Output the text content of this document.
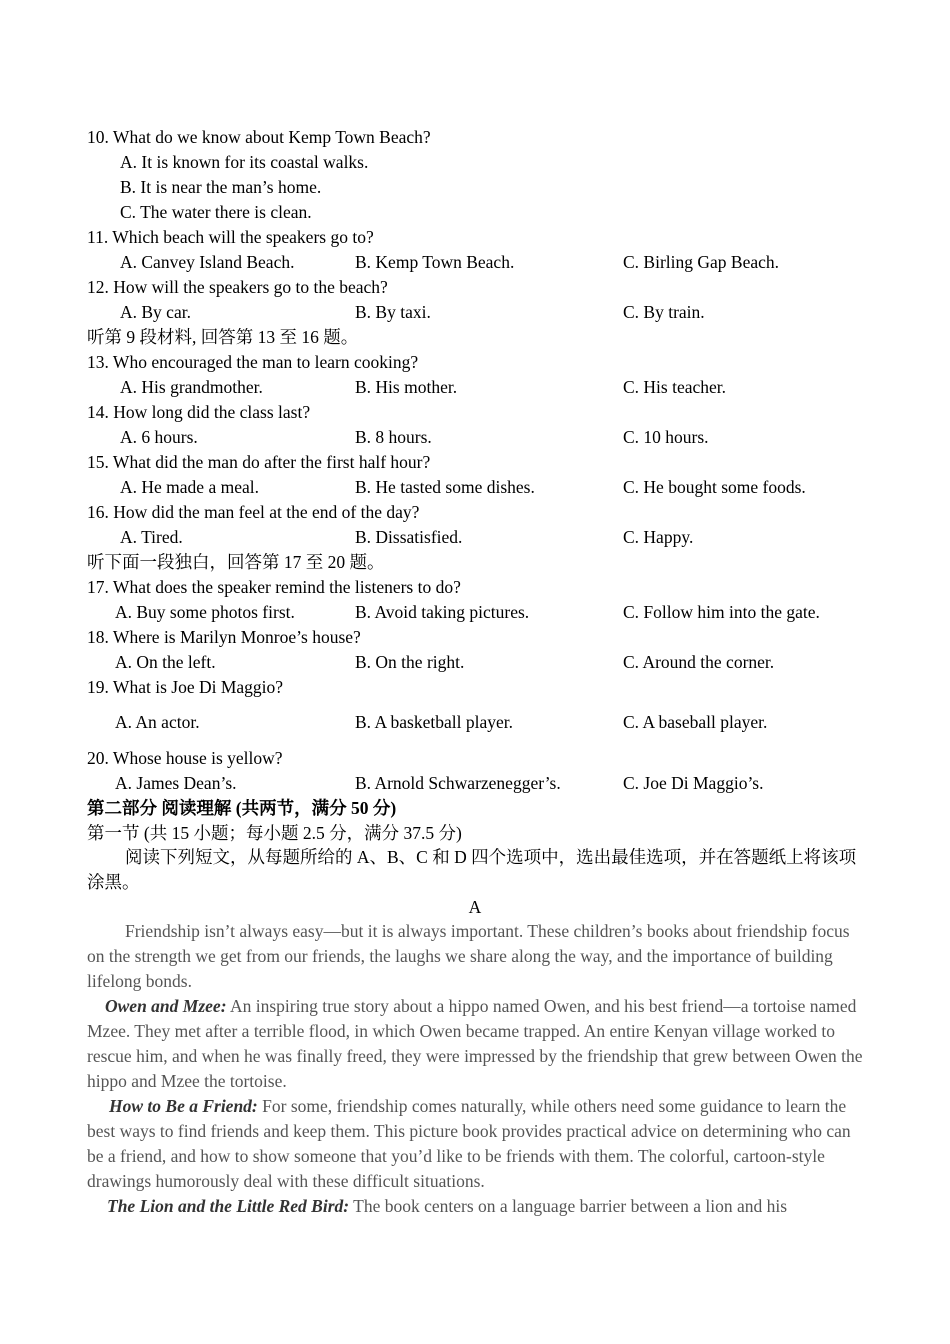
10. What do we know about Kemp Town Beach?
A. It is known for its coastal walks.
B. It is near the man’s home.
C. The water there is clean.
11. Which beach will the speakers go to?
A. Canvey Island Beach.	B. Kemp Town Beach.	C. Birling Gap Beach.
12. How will the speakers go to the beach?
A. By car.	B. By taxi.	C. By train.
听第 9 段材料, 回答第 13 至 16 题。
13. Who encouraged the man to learn cooking?
A. His grandmother.	B. His mother.	C. His teacher.
14. How long did the class last?
A. 6 hours.	B. 8 hours.	C. 10 hours.
15. What did the man do after the first half hour?
A. He made a meal.	B. He tasted some dishes.	C. He bought some foods.
16. How did the man feel at the end of the day?
A. Tired.	B. Dissatisfied.	C. Happy.
听下面一段独白，回答第 17 至 20 题。
17. What does the speaker remind the listeners to do?
A. Buy some photos first.	B. Avoid taking pictures.	C. Follow him into the gate.
18. Where is Marilyn Monroe’s house?
A. On the left.	B. On the right.	C. Around the corner.
19. What is Joe Di Maggio?
A. An actor.	B. A basketball player.	C. A baseball player.
20. Whose house is yellow?
A. James Dean’s.	B. Arnold Schwarzenegger’s.	C. Joe Di Maggio’s.
第二部分 阅读理解 (共两节，满分 50 分)
第一节 (共 15 小题；每小题 2.5 分，满分 37.5 分)
阅读下列短文，从每题所给的 A、B、C 和 D 四个选项中，选出最佳选项，并在答题纸上将该项涂黑。
A
Friendship isn’t always easy—but it is always important. These children’s books about friendship focus on the strength we get from our friends, the laughs we share along the way, and the importance of building lifelong bonds.
Owen and Mzee: An inspiring true story about a hippo named Owen, and his best friend—a tortoise named Mzee. They met after a terrible flood, in which Owen became trapped. An entire Kenyan village worked to rescue him, and when he was finally freed, they were impressed by the friendship that grew between Owen the hippo and Mzee the tortoise.
How to Be a Friend: For some, friendship comes naturally, while others need some guidance to learn the best ways to find friends and keep them. This picture book provides practical advice on determining who can be a friend, and how to show someone that you’d like to be friends with them. The colorful, cartoon-style drawings humorously deal with these difficult situations.
The Lion and the Little Red Bird: The book centers on a language barrier between a lion and his
